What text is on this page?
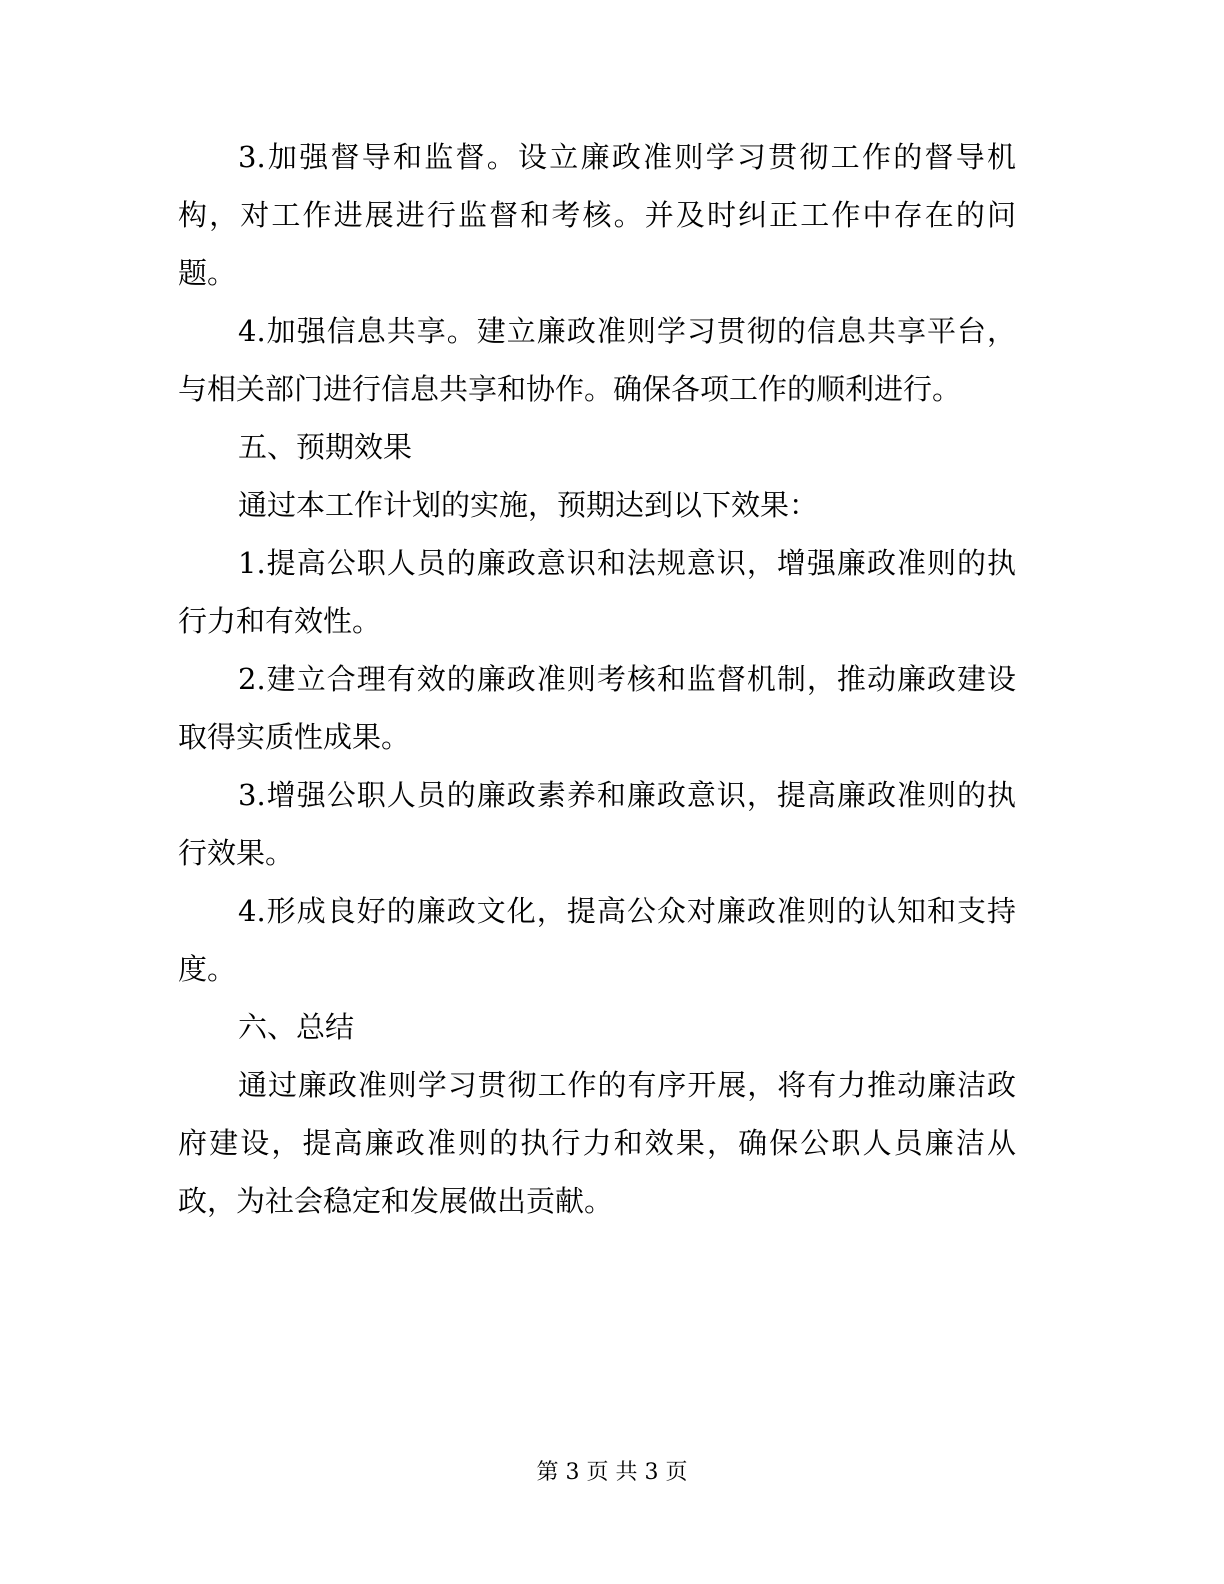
3.加强督导和监督。设立廉政准则学习贯彻工作的督导机构，对工作进展进行监督和考核。并及时纠正工作中存在的问题。

4.加强信息共享。建立廉政准则学习贯彻的信息共享平台，与相关部门进行信息共享和协作。确保各项工作的顺利进行。

五、预期效果

通过本工作计划的实施，预期达到以下效果：

1.提高公职人员的廉政意识和法规意识，增强廉政准则的执行力和有效性。

2.建立合理有效的廉政准则考核和监督机制，推动廉政建设取得实质性成果。

3.增强公职人员的廉政素养和廉政意识，提高廉政准则的执行效果。

4.形成良好的廉政文化，提高公众对廉政准则的认知和支持度。

六、总结

通过廉政准则学习贯彻工作的有序开展，将有力推动廉洁政府建设，提高廉政准则的执行力和效果，确保公职人员廉洁从政，为社会稳定和发展做出贡献。

第 3 页 共 3 页
